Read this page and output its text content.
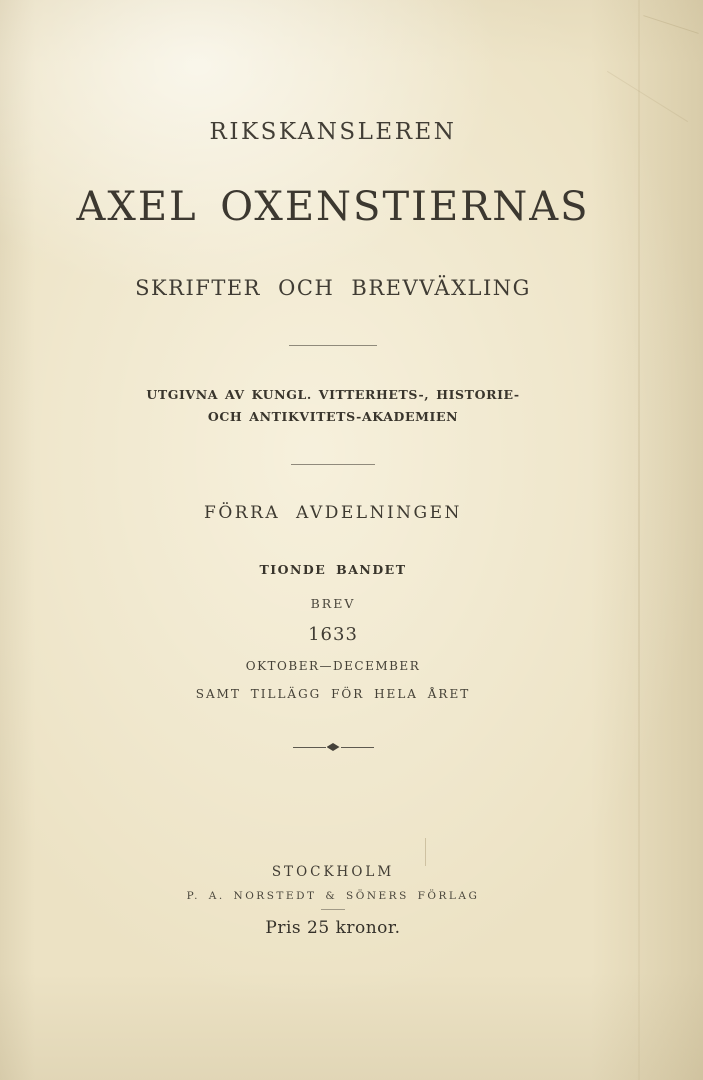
RIKSKANSLEREN
AXEL OXENSTIERNAS
SKRIFTER OCH BREVVÄXLING
UTGIVNA AV KUNGL. VITTERHETS-, HISTORIE-
OCH ANTIKVITETS-AKADEMIEN
FÖRRA AVDELNINGEN
TIONDE BANDET
BREV
1633
OKTOBER—DECEMBER
SAMT TILLÄGG FÖR HELA ÅRET
STOCKHOLM
P. A. NORSTEDT & SÖNERS FÖRLAG
Pris 25 kronor.
